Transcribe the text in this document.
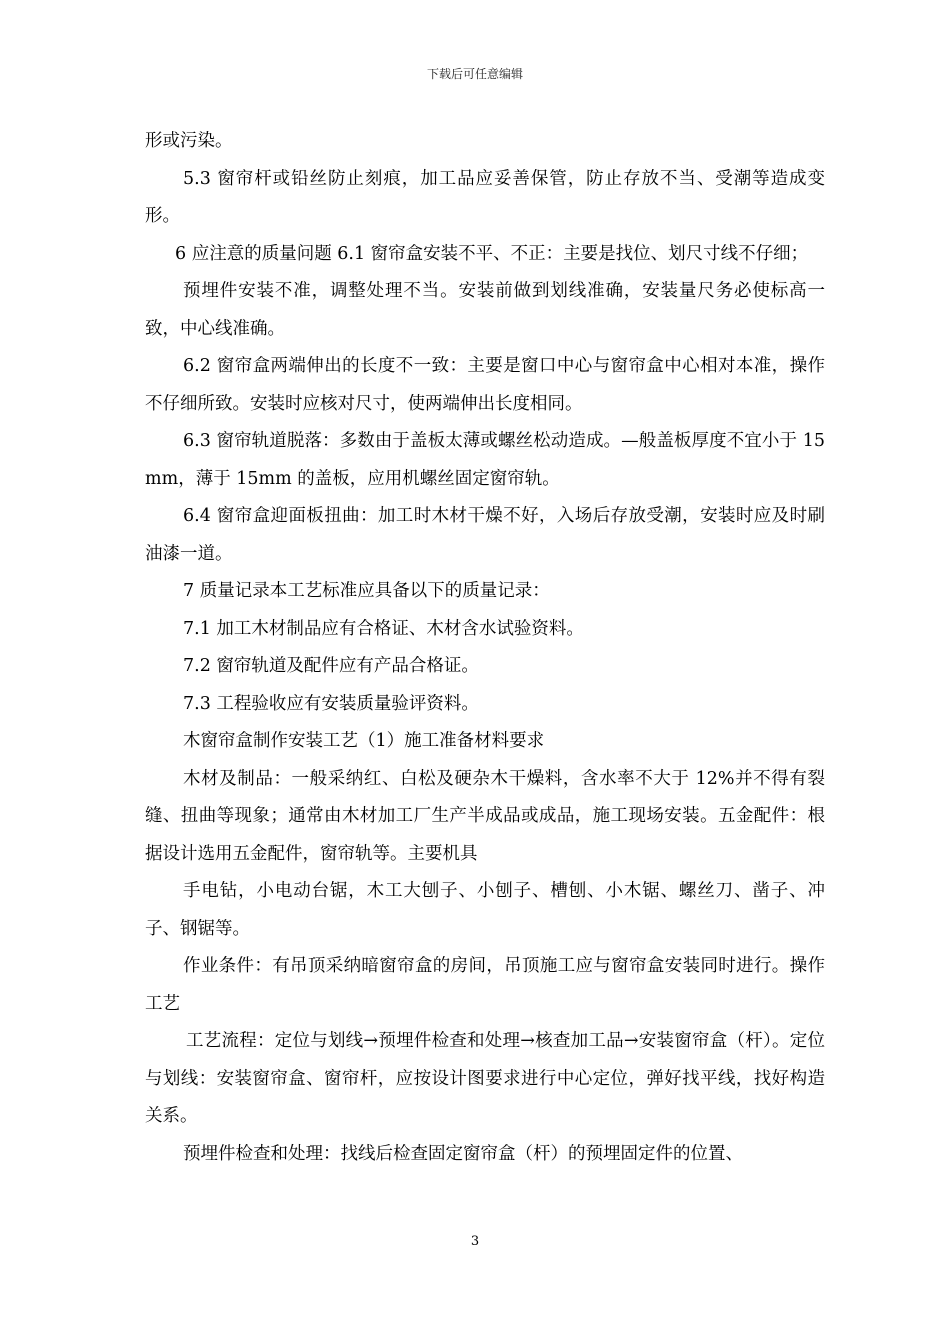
下载后可任意编辑

形或污染。

5.3 窗帘杆或铅丝防止刻痕，加工品应妥善保管，防止存放不当、受潮等造成变形。

6 应注意的质量问题 6.1 窗帘盒安装不平、不正：主要是找位、划尺寸线不仔细；

预埋件安装不准，调整处理不当。安装前做到划线准确，安装量尺务必使标高一致，中心线准确。

6.2 窗帘盒两端伸出的长度不一致：主要是窗口中心与窗帘盒中心相对本准，操作不仔细所致。安装时应核对尺寸，使两端伸出长度相同。

6.3 窗帘轨道脱落：多数由于盖板太薄或螺丝松动造成。—般盖板厚度不宜小于 15mm，薄于 15mm 的盖板，应用机螺丝固定窗帘轨。

6.4 窗帘盒迎面板扭曲：加工时木材干燥不好，入场后存放受潮，安装时应及时刷油漆一道。

7 质量记录本工艺标准应具备以下的质量记录：

7.1 加工木材制品应有合格证、木材含水试验资料。

7.2 窗帘轨道及配件应有产品合格证。

7.3 工程验收应有安装质量验评资料。

木窗帘盒制作安装工艺（1）施工准备材料要求

木材及制品：一般采纳红、白松及硬杂木干燥料，含水率不大于 12%并不得有裂缝、扭曲等现象；通常由木材加工厂生产半成品或成品，施工现场安装。五金配件：根据设计选用五金配件，窗帘轨等。主要机具

手电钻，小电动台锯，木工大刨子、小刨子、槽刨、小木锯、螺丝刀、凿子、冲子、钢锯等。

作业条件：有吊顶采纳暗窗帘盒的房间，吊顶施工应与窗帘盒安装同时进行。操作工艺

工艺流程：定位与划线→预埋件检查和处理→核查加工品→安装窗帘盒（杆）。定位与划线：安装窗帘盒、窗帘杆，应按设计图要求进行中心定位，弹好找平线，找好构造关系。

预埋件检查和处理：找线后检查固定窗帘盒（杆）的预埋固定件的位置、

3
